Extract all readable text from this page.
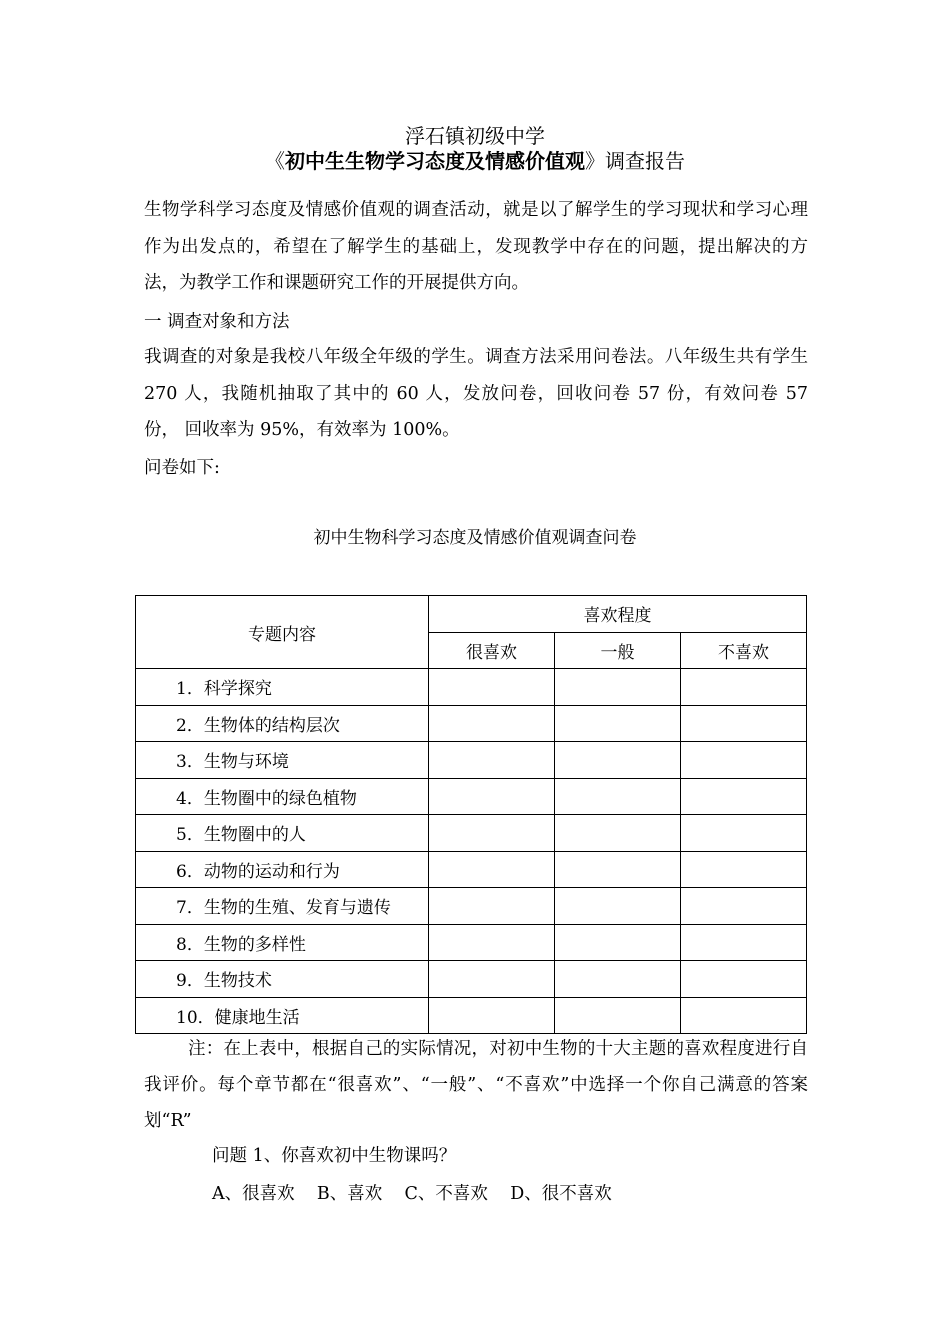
浮石镇初级中学
《初中生生物学习态度及情感价值观》调查报告
生物学科学习态度及情感价值观的调查活动，就是以了解学生的学习现状和学习心理作为出发点的，希望在了解学生的基础上，发现教学中存在的问题，提出解决的方法，为教学工作和课题研究工作的开展提供方向。
一 调查对象和方法
我调查的对象是我校八年级全年级的学生。调查方法采用问卷法。八年级生共有学生 270 人，我随机抽取了其中的 60 人，发放问卷，回收问卷 57 份，有效问卷 57 份， 回收率为 95%，有效率为 100%。
问卷如下:
初中生物科学习态度及情感价值观调查问卷
专题内容	喜欢程度		
	很喜欢	一般	不喜欢
1．科学探究			
2．生物体的结构层次			
3．生物与环境			
4．生物圈中的绿色植物			
5．生物圈中的人			
6．动物的运动和行为			
7．生物的生殖、发育与遗传			
8．生物的多样性			
9．生物技术			
10．健康地生活			
注：在上表中，根据自己的实际情况，对初中生物的十大主题的喜欢程度进行自我评价。每个章节都在“很喜欢”、“一般”、“不喜欢”中选择一个你自己满意的答案划“R”
问题 1、你喜欢初中生物课吗？
A、很喜欢 B、喜欢 C、不喜欢 D、很不喜欢
